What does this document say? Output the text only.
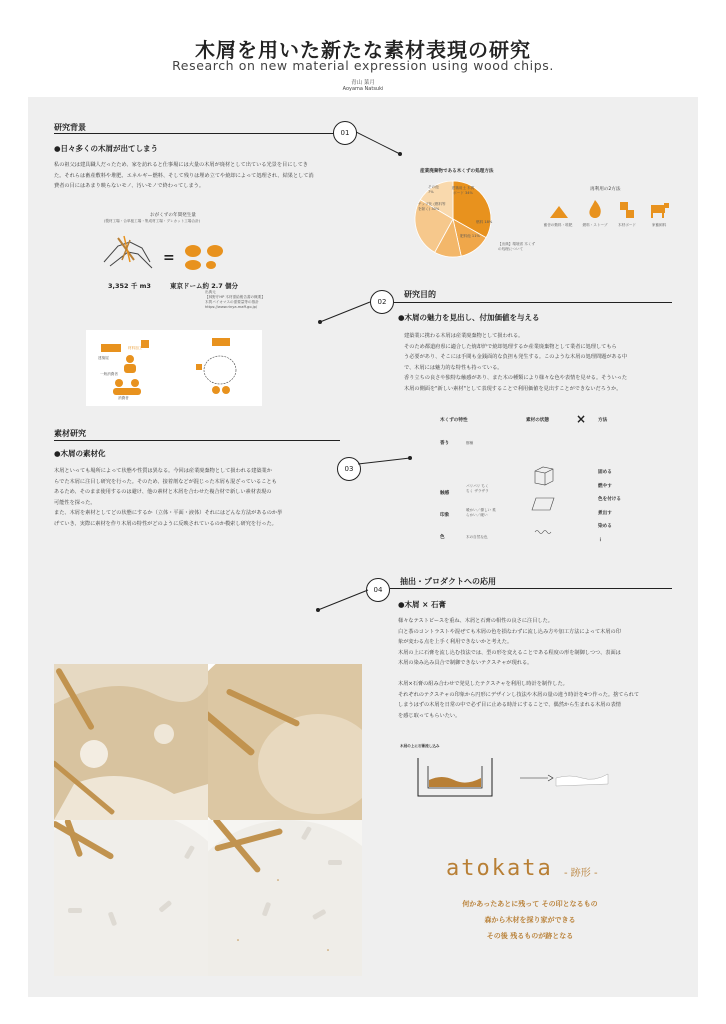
木屑を用いた新たな素材表現の研究
Research on new material expression using wood chips.
青山 菜月
Aoyama Natsuki
研究背景
01
●日々多くの木屑が出てしまう
私の祖父は建具職人だったため、家を訪れると仕事場には大量の木屑が廃材として出ている光景を目にしてきた。それらは畜産敷料や堆肥、エネルギー燃料、そして残りは埋め立てや焼却によって処理され、結果として消費者の目にはあまり映らないモノ、汚いモノで終わってしまう。
おがくずの年間発生量
(製材工場・合単板工場・集成材工場・プレカット工場合計)
=
3,352 千 m3	東京ドーム約 2.7 個分
出典元
【林野庁HP 木材需給報告書の概要】
木質バイオマスの需要量等の推計
https://www.rinya.maff.go.jp/
産業廃棄物である木くずの処理方法
建築用土 木質ボード 34%
燃料 18%
肥料他 11%
チップ化 (燃料等を除く) 30%
その他 7%
【出典】環境省 木くずの処理について
再利用の2方法
畜舎の敷料・堆肥	燃料・ストーブ	木材ボード	家畜飼料
建築屋
一般消費者
材料加工
消費者
02
研究目的
●木屑の魅力を見出し、付加価値を与える
建築業に携わる木屑は産業廃棄物として扱われる。
そのため都道府県に適合した焼却炉で焼却処理するか産業廃棄物として業者に処理してもら
う必要があり、そこには手間も金銭面的な負担も発生する。このような木屑の処理問題がある中
で、木屑には魅力的な特性も持っている。
香り立ちの良さや独特な触感があり、また木の種類により様々な色や表情を見せる。そういった
木屑の側面を"新しい素材"として表現することで利用価値を見出すことができないだろうか。
素材研究
03
●木屑の素材化
木屑といっても場所によって状態や性質は異なる。今回は産業廃棄物として扱われる建築業か
らでた木屑に注目し研究を行った。そのため、接着剤などが混じった木屑も混ざっていることも
あるため、そのまま使用するのは避け、他の素材と木屑を合わせた複合材で新しい素材表現の
可能性を探った。
また、木屑を素材としてどの状態にするか（立体・平面・液体）それにはどんな方法があるのか挙
げていき、実際に素材を作り木屑の特性がどのように反映されているのか模索し研究を行った。
木くずの特性	素材の状態 ×	方法
香り	樹種
触感
パリパリ ちくちく ザラザラ
印象
暖かい／優しい 柔らかい／硬い
色	木の自然な色
固める
燃やす
色を付ける
煮出す
染める
⋮
04
抽出・プロダクトへの応用
●木屑 × 石膏
様々なテストピースを重ね、木屑と石膏の相性の良さに注目した。
白と茶のコントラストや混ぜても木屑の色を損なわずに流し込み方や加工方法によって木屑の印
象が変わる点を上手く利用できないかと考えた。
木屑の上に石膏を流し込む技法では、型の形を変えることである程度の形を制御しつつ、表面は
木屑の染み込み具合で制御できないテクスチャが現れる。
木屑×石膏の組み合わせで発見したテクスチャを利用し時計を制作した。
それぞれのテクスチャの印象から円形にデザインし技法や木屑の量の違う時計を4つ作った。捨てられて
しまうはずの木屑を日常の中で必ず目に止める時計にすることで、偶然から生まれる木屑の表情
を感じ取ってもらいたい。
木屑の上に石膏流し込み
atokata - 跡形 -
何かあったあとに残って その印となるもの
森から木材を採り家ができる
その後 残るものが跡となる
